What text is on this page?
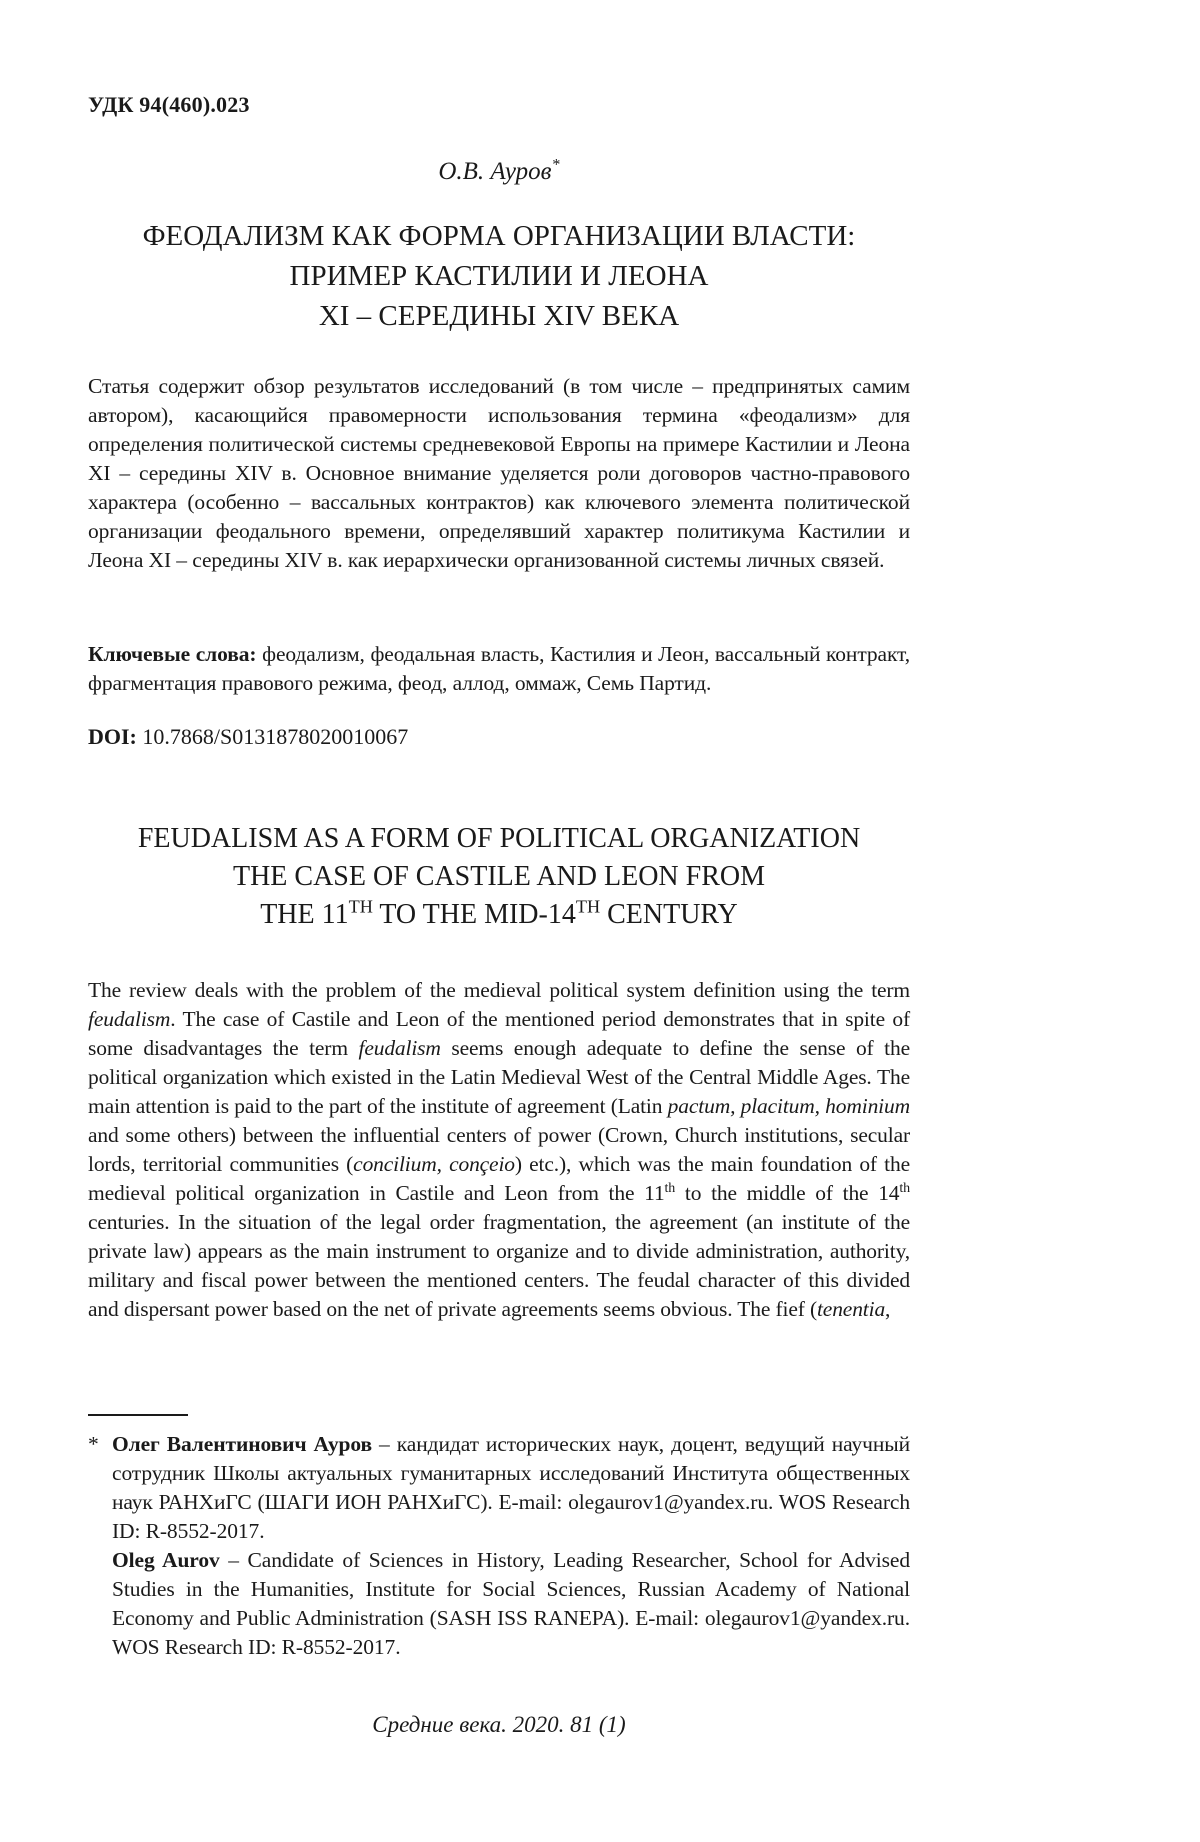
УДК 94(460).023
О.В. Ауров*
ФЕОДАЛИЗМ КАК ФОРМА ОРГАНИЗАЦИИ ВЛАСТИ:
ПРИМЕР КАСТИЛИИ И ЛЕОНА
XI – СЕРЕДИНЫ XIV ВЕКА
Статья содержит обзор результатов исследований (в том числе – предпринятых самим автором), касающийся правомерности использования термина «феодализм» для определения политической системы средневековой Европы на примере Кастилии и Леона XI – середины XIV в. Основное внимание уделяется роли договоров частно-правового характера (особенно – вассальных контрактов) как ключевого элемента политической организации феодального времени, определявший характер политикума Кастилии и Леона XI – середины XIV в. как иерархически организованной системы личных связей.
Ключевые слова: феодализм, феодальная власть, Кастилия и Леон, вассальный контракт, фрагментация правового режима, феод, аллод, оммаж, Семь Партид.
DOI: 10.7868/S0131878020010067
FEUDALISM AS A FORM OF POLITICAL ORGANIZATION
THE CASE OF CASTILE AND LEON FROM
THE 11TH TO THE MID-14TH CENTURY
The review deals with the problem of the medieval political system definition using the term feudalism. The case of Castile and Leon of the mentioned period demonstrates that in spite of some disadvantages the term feudalism seems enough adequate to define the sense of the political organization which existed in the Latin Medieval West of the Central Middle Ages. The main attention is paid to the part of the institute of agreement (Latin pactum, placitum, hominium and some others) between the influential centers of power (Crown, Church institutions, secular lords, territorial communities (concilium, conçeio) etc.), which was the main foundation of the medieval political organization in Castile and Leon from the 11th to the middle of the 14th centuries. In the situation of the legal order fragmentation, the agreement (an institute of the private law) appears as the main instrument to organize and to divide administration, authority, military and fiscal power between the mentioned centers. The feudal character of this divided and dispersant power based on the net of private agreements seems obvious. The fief (tenentia,
* Олег Валентинович Ауров – кандидат исторических наук, доцент, ведущий научный сотрудник Школы актуальных гуманитарных исследований Института общественных наук РАНХиГС (ШАГИ ИОН РАНХиГС). E-mail: olegaurov1@yandex.ru. WOS Research ID: R-8552-2017.

Oleg Aurov – Candidate of Sciences in History, Leading Researcher, School for Advised Studies in the Humanities, Institute for Social Sciences, Russian Academy of National Economy and Public Administration (SASH ISS RANEPA). E-mail: olegaurov1@yandex.ru. WOS Research ID: R-8552-2017.

Средние века. 2020. 81 (1)
